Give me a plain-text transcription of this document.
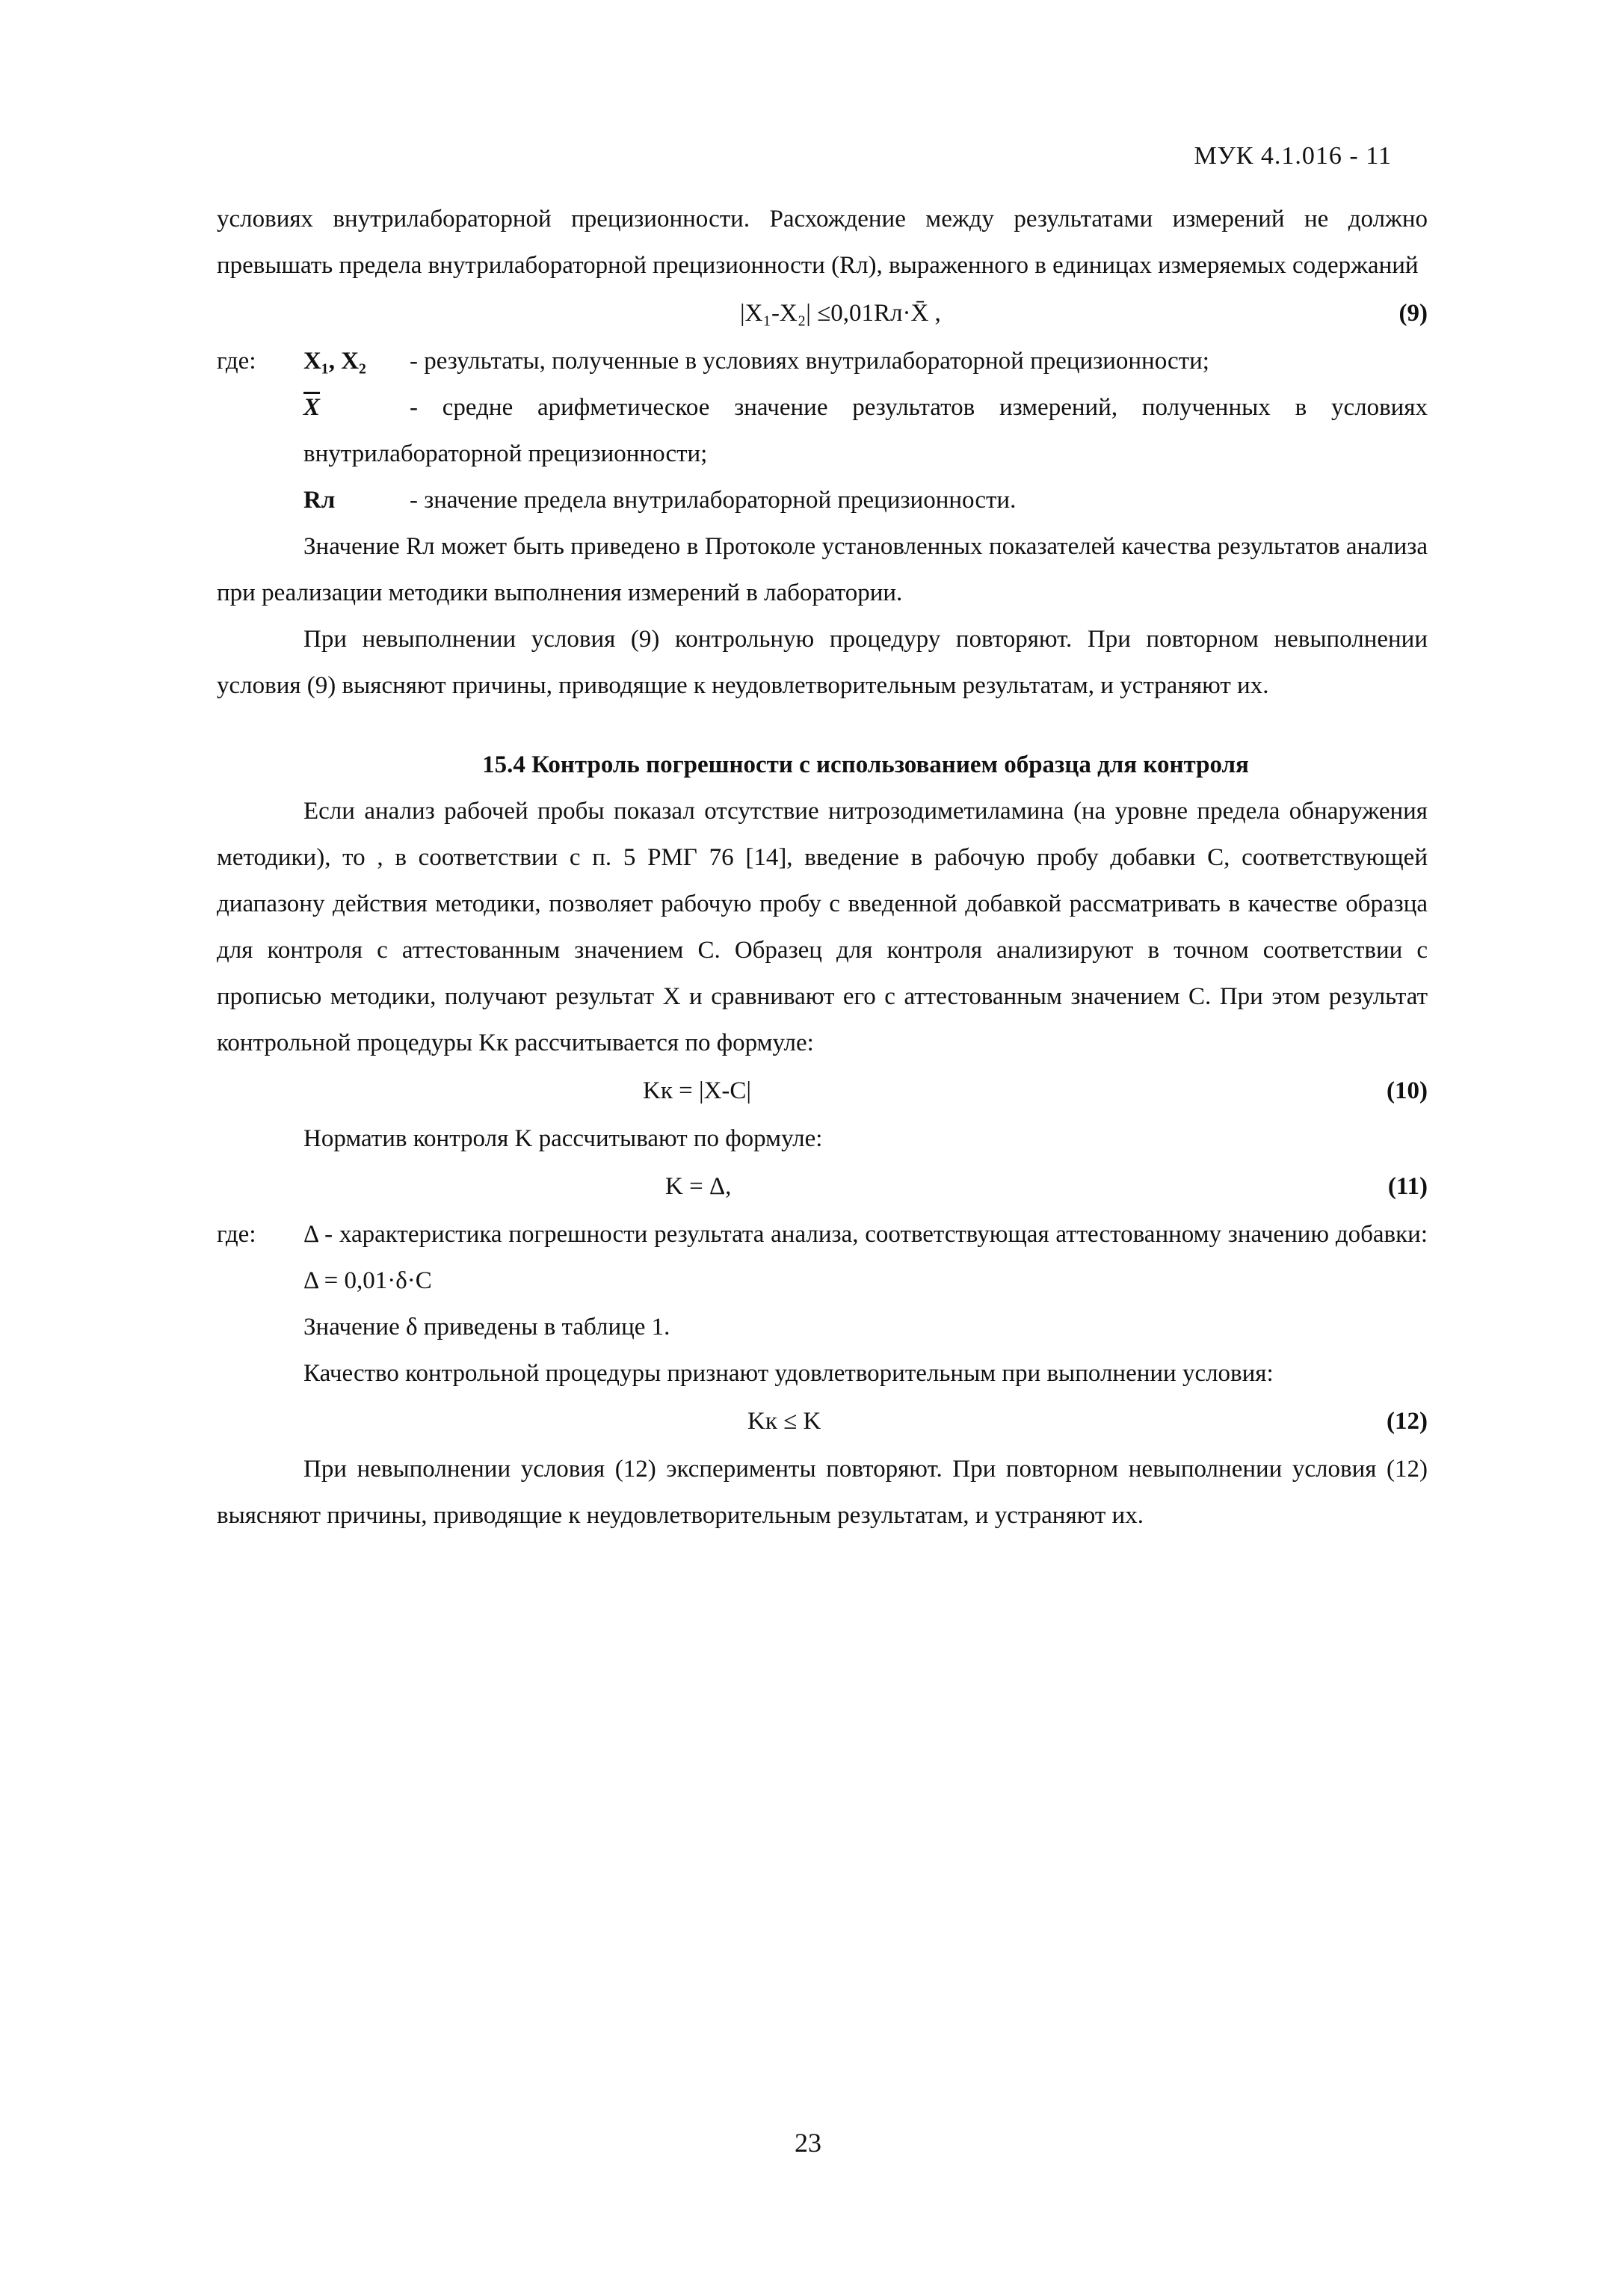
МУК 4.1.016 - 11

условиях внутрилабораторной прецизионности. Расхождение между результатами измерений не должно превышать предела внутрилабораторной прецизионности (Rл), выраженного в единицах измеряемых содержаний

|X₁-X₂| ≤0,01Rл·X̄ ,	(9)
где:	X₁, X₂ - результаты, полученные в условиях внутрилабораторной прецизионности;
$\overline{X}$	- средне арифметическое значение результатов измерений, полученных в условиях внутрилабораторной прецизионности;
Rл	- значение предела внутрилабораторной прецизионности.

Значение Rл может быть приведено в Протоколе установленных показателей качества результатов анализа при реализации методики выполнения измерений в лаборатории.

При невыполнении условия (9) контрольную процедуру повторяют. При повторном невыполнении условия (9) выясняют причины, приводящие к неудовлетворительным результатам, и устраняют их.

15.4 Контроль погрешности с использованием образца для контроля

Если анализ рабочей пробы показал отсутствие нитрозодиметиламина (на уровне предела обнаружения методики), то , в соответствии с п. 5 РМГ 76 [14], введение в рабочую пробу добавки С, соответствующей диапазону действия методики, позволяет рабочую пробу с введенной добавкой рассматривать в качестве образца для контроля с аттестованным значением С. Образец для контроля анализируют в точном соответствии с прописью методики, получают результат X и сравнивают его с аттестованным значением С. При этом результат контрольной процедуры Kк рассчитывается по формуле:

Kк = |X-C|	(10)

Норматив контроля K рассчитывают по формуле:

K = Δ,	(11)
где:	Δ - характеристика погрешности результата анализа, соответствующая аттестованному значению добавки: Δ = 0,01·δ·С
Значение δ приведены в таблице 1.

Качество контрольной процедуры признают удовлетворительным при выполнении условия:

Kк ≤ K	(12)

При невыполнении условия (12) эксперименты повторяют. При повторном невыполнении условия (12) выясняют причины, приводящие к неудовлетворительным результатам, и устраняют их.

23
